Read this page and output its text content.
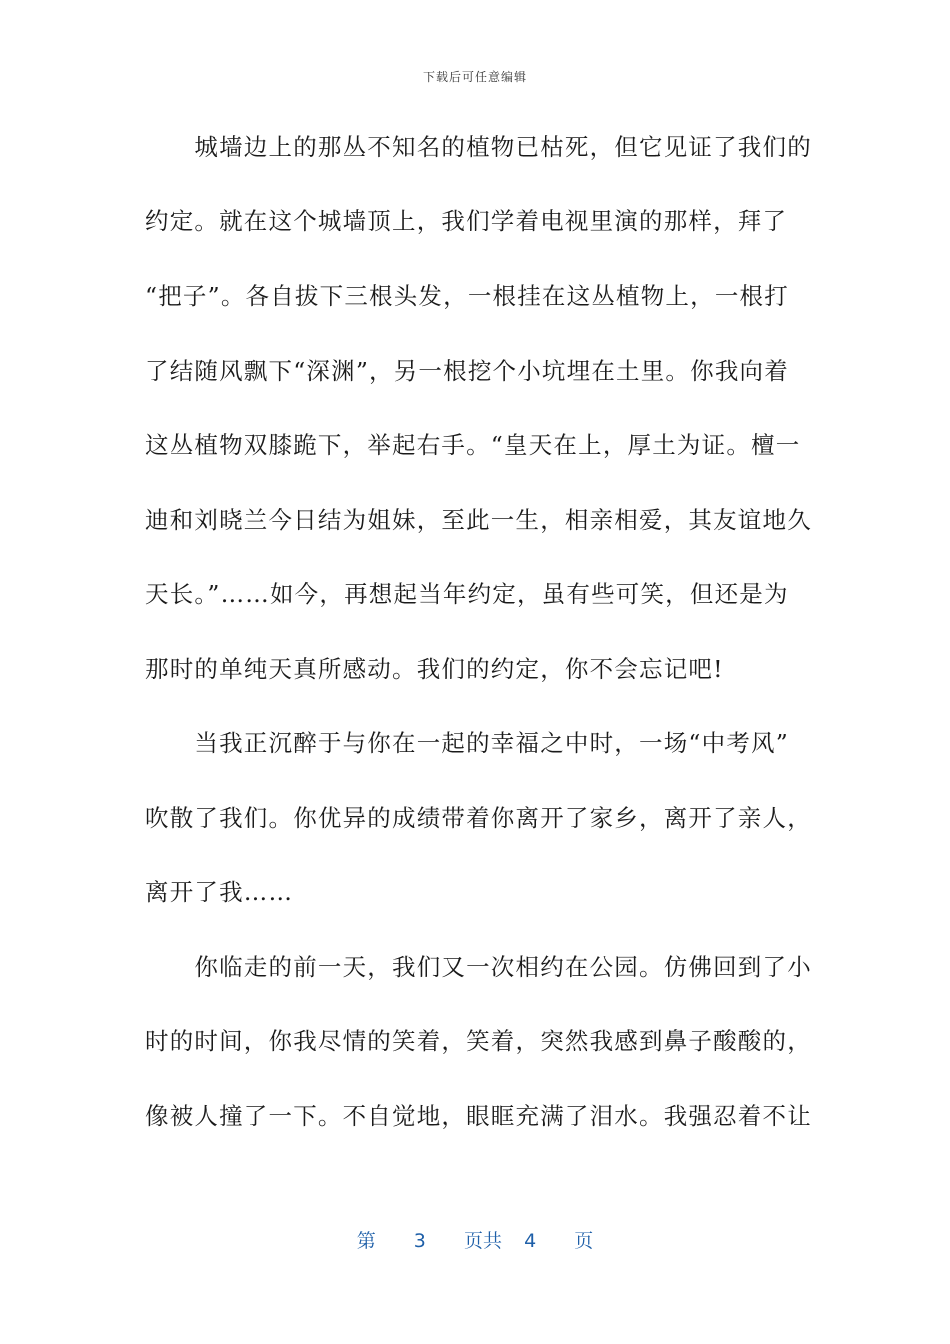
下载后可任意编辑
　　城墙边上的那丛不知名的植物已枯死，但它见证了我们的
约定。就在这个城墙顶上，我们学着电视里演的那样，拜了
“把子”。各自拔下三根头发，一根挂在这丛植物上，一根打
了结随风飘下“深渊”，另一根挖个小坑埋在土里。你我向着
这丛植物双膝跪下，举起右手。“皇天在上，厚土为证。檀一
迪和刘晓兰今日结为姐妹，至此一生，相亲相爱，其友谊地久
天长。”……如今，再想起当年约定，虽有些可笑，但还是为
那时的单纯天真所感动。我们的约定，你不会忘记吧!
　　当我正沉醉于与你在一起的幸福之中时，一场“中考风”
吹散了我们。你优异的成绩带着你离开了家乡，离开了亲人，
离开了我……
　　你临走的前一天，我们又一次相约在公园。仿佛回到了小
时的时间，你我尽情的笑着，笑着，突然我感到鼻子酸酸的，
像被人撞了一下。不自觉地，眼眶充满了泪水。我强忍着不让
第 3 页共 4 页
